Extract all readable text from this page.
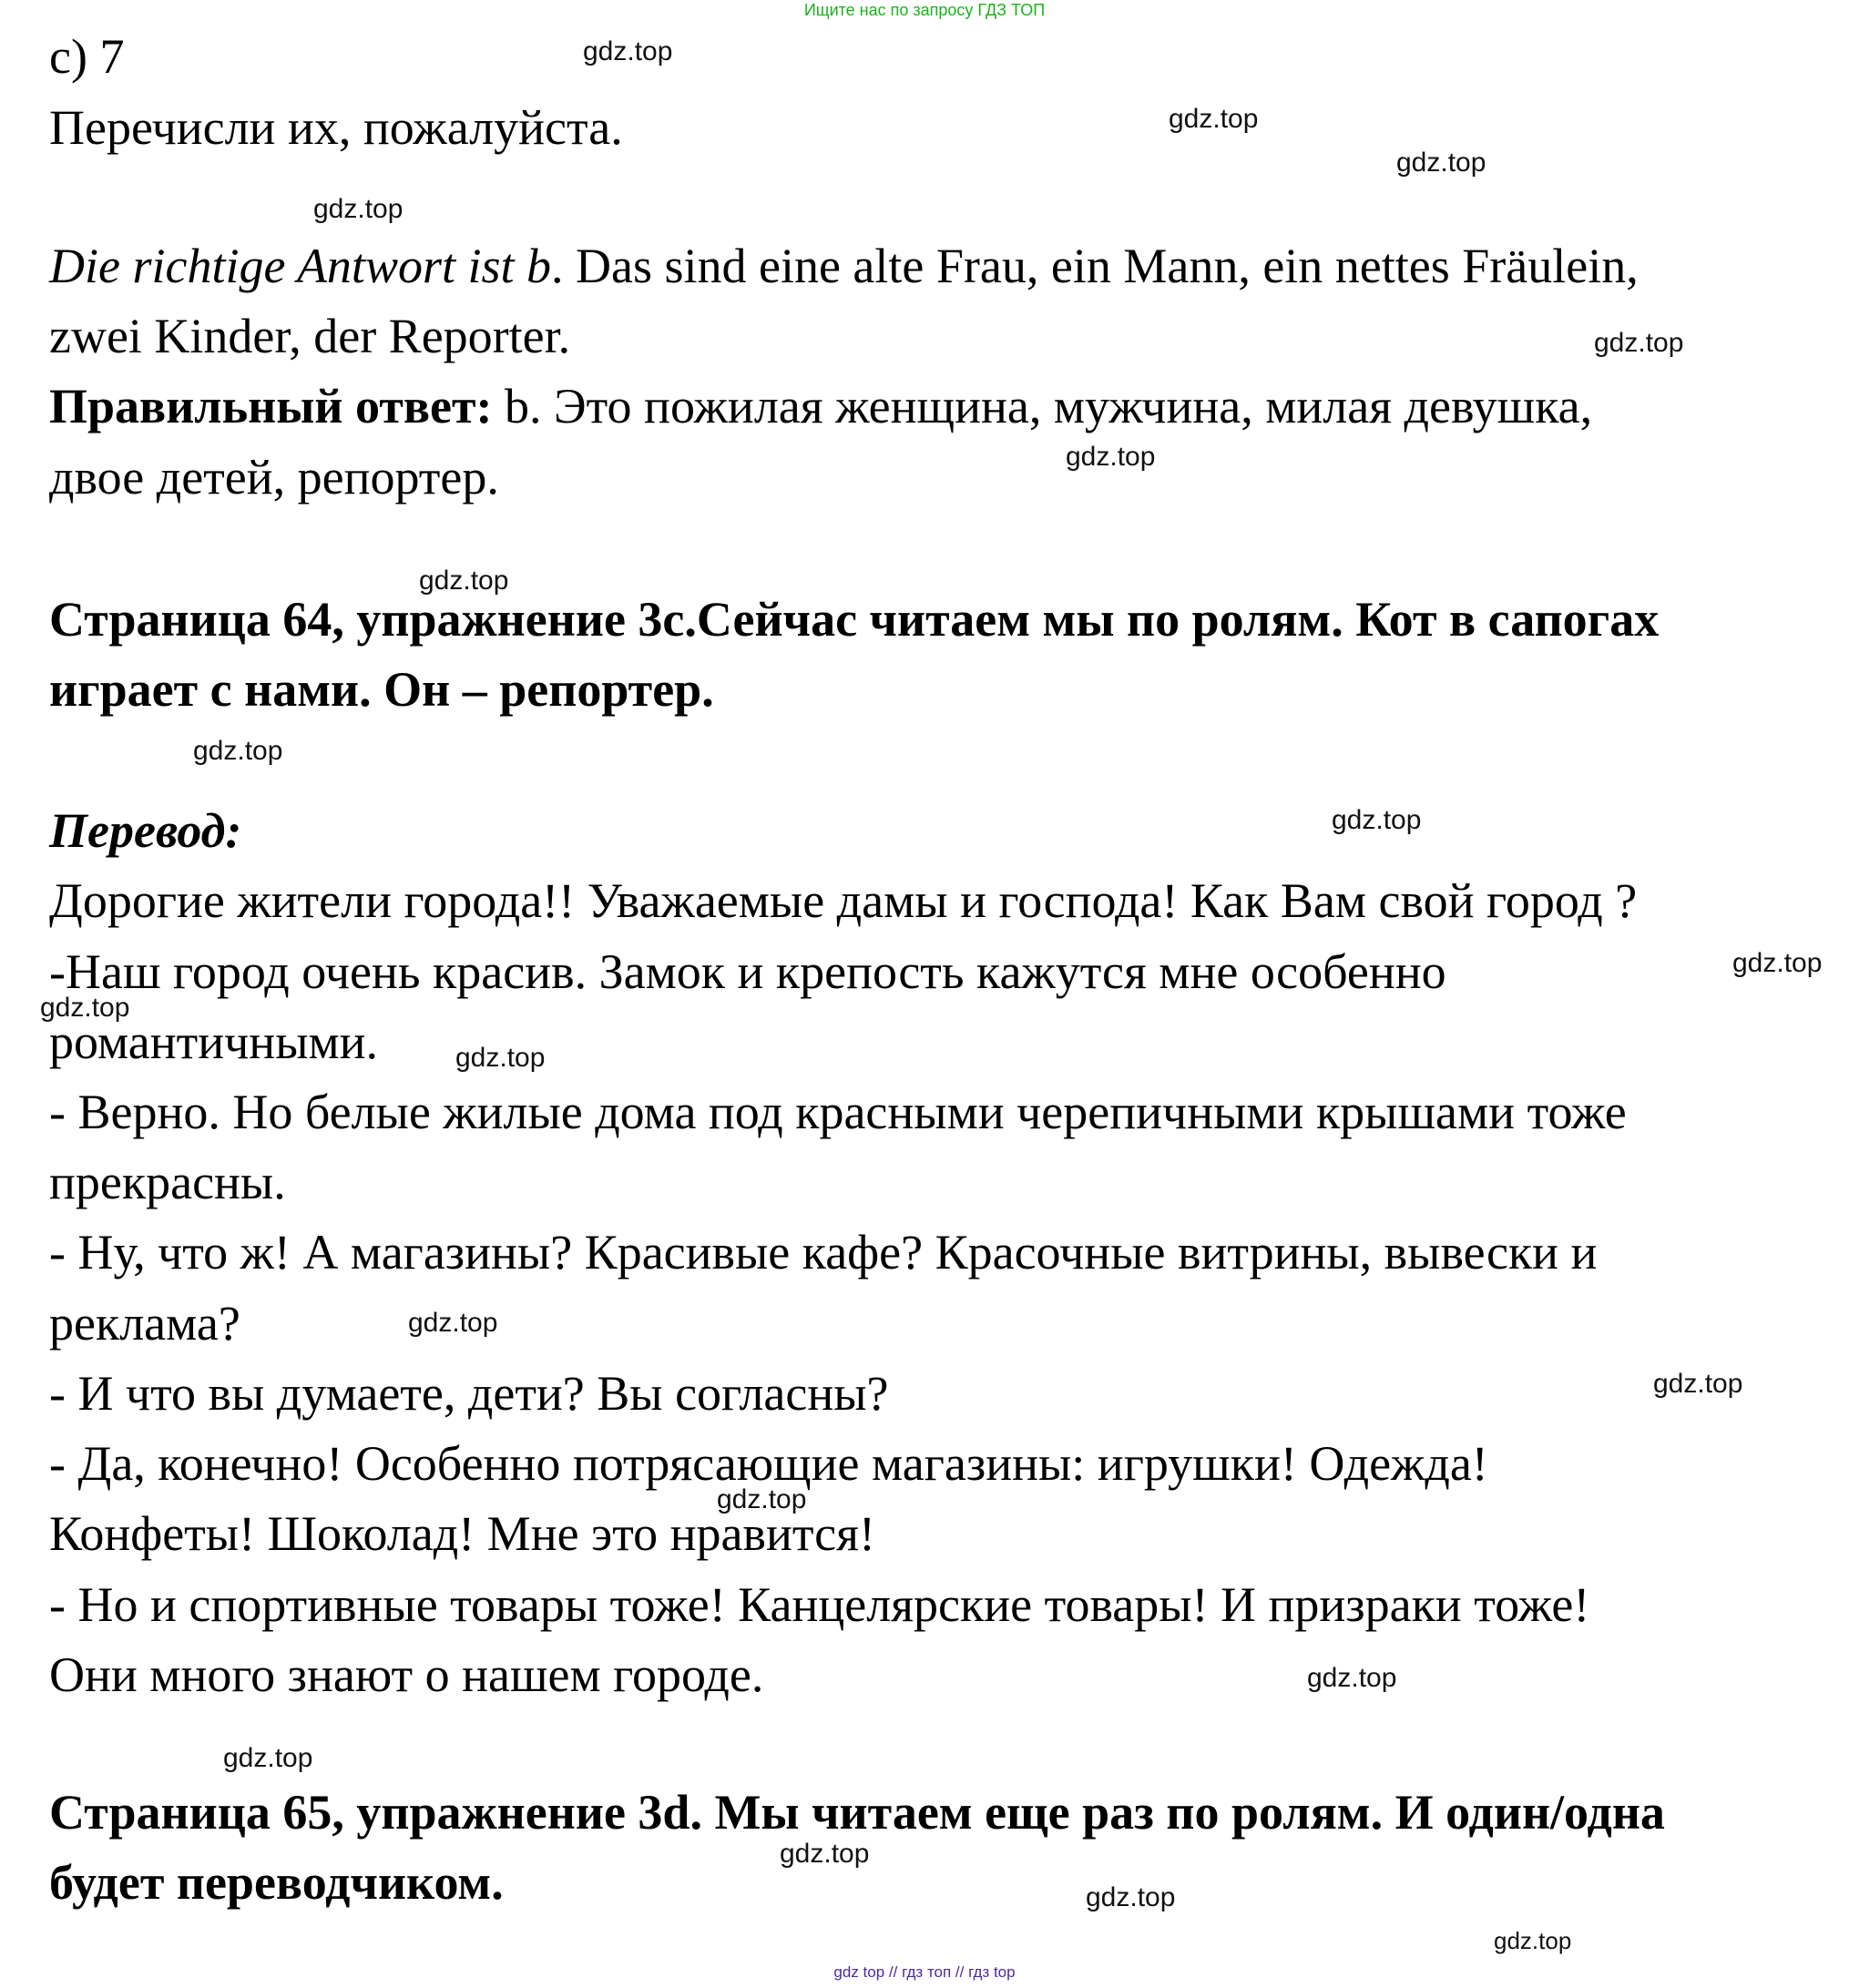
Ищите нас по запросу ГДЗ ТОП
c) 7
Перечисли их, пожалуйста.
Die richtige Antwort ist b. Das sind eine alte Frau, ein Mann, ein nettes Fräulein,
zwei Kinder, der Reporter.
Правильный ответ: b. Это пожилая женщина, мужчина, милая девушка,
двое детей, репортер.
Страница 64, упражнение 3с.Сейчас читаем мы по ролям. Кот в сапогах
играет с нами. Он – репортер.
Перевод:
Дорогие жители города!! Уважаемые дамы и господа! Как Вам свой город ?
-Наш город очень красив. Замок и крепость кажутся мне особенно
романтичными.
- Верно. Но белые жилые дома под красными черепичными крышами тоже
прекрасны.
- Ну, что ж! А магазины? Красивые кафе? Красочные витрины, вывески и
реклама?
- И что вы думаете, дети? Вы согласны?
- Да, конечно! Особенно потрясающие магазины: игрушки! Одежда!
Конфеты! Шоколад! Мне это нравится!
- Но и спортивные товары тоже! Канцелярские товары! И призраки тоже!
Они много знают о нашем городе.
Страница 65, упражнение 3d. Мы читаем еще раз по ролям. И один/одна
будет переводчиком.
gdz.top
gdz.top
gdz.top
gdz.top
gdz.top
gdz.top
gdz.top
gdz.top
gdz.top
gdz.top
gdz.top
gdz.top
gdz.top
gdz.top
gdz.top
gdz.top
gdz.top
gdz.top
gdz.top
gdz.top
gdz top // гдз топ // гдз top
